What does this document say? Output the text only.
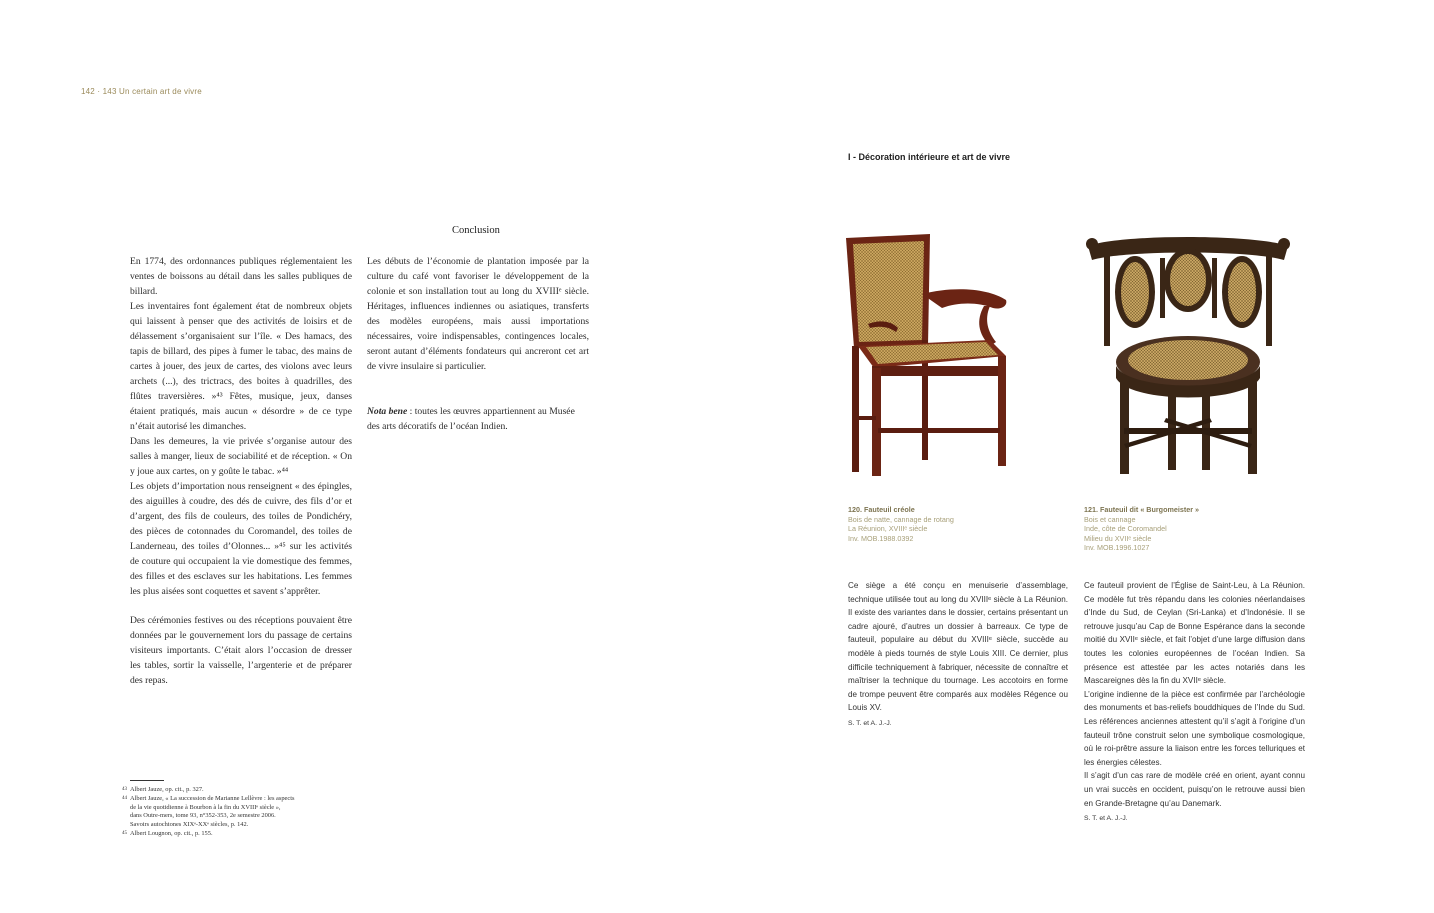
142 · 143 Un certain art de vivre
I - Décoration intérieure et art de vivre
Conclusion

En 1774, des ordonnances publiques réglementaient les ventes de boissons au détail dans les salles publiques de billard.

Les inventaires font également état de nombreux objets qui laissent à penser que des activités de loisirs et de délassement s’organisaient sur l’île. « Des hamacs, des tapis de billard, des pipes à fumer le tabac, des mains de cartes à jouer, des jeux de cartes, des violons avec leurs archets (...), des trictracs, des boites à quadrilles, des flûtes traversières. »⁴³ Fêtes, musique, jeux, danses étaient pratiqués, mais aucun « désordre » de ce type n’était autorisé les dimanches.

Dans les demeures, la vie privée s’organise autour des salles à manger, lieux de sociabilité et de réception. « On y joue aux cartes, on y goûte le tabac. »⁴⁴

Les objets d’importation nous renseignent « des épingles, des aiguilles à coudre, des dés de cuivre, des fils d’or et d’argent, des fils de couleurs, des toiles de Pondichéry, des pièces de cotonnades du Coromandel, des toiles de Landerneau, des toiles d’Olonnes... »⁴⁵ sur les activités de couture qui occupaient la vie domestique des femmes, des filles et des esclaves sur les habitations. Les femmes les plus aisées sont coquettes et savent s’apprêter.

Des cérémonies festives ou des réceptions pouvaient être données par le gouvernement lors du passage de certains visiteurs importants. C’était alors l’occasion de dresser les tables, sortir la vaisselle, l’argenterie et de préparer des repas.

Les débuts de l’économie de plantation imposée par la culture du café vont favoriser le développement de la colonie et son installation tout au long du XVIIIᵉ siècle. Héritages, influences indiennes ou asiatiques, transferts des modèles européens, mais aussi importations nécessaires, voire indispensables, contingences locales, seront autant d’éléments fondateurs qui ancreront cet art de vivre insulaire si particulier.

Nota bene : toutes les œuvres appartiennent au Musée des arts décoratifs de l’océan Indien.

43 Albert Jauze, op. cit., p. 327.
44 Albert Jauze, « La succession de Marianne Lellèvre : les aspects
de la vie quotidienne à Bourbon à la fin du XVIIIᵉ siècle »,
dans Outre-mers, tome 93, n°352-353, 2e semestre 2006.
Savoirs autochtones XIXᵉ-XXᵉ siècles, p. 142.
45 Albert Lougnon, op. cit., p. 155.
120. Fauteuil créole
Bois de natte, cannage de rotang
La Réunion, XVIIIᵉ siècle
Inv. MOB.1988.0392
121. Fauteuil dit « Burgomeister »
Bois et cannage
Inde, côte de Coromandel
Milieu du XVIIᵉ siècle
Inv. MOB.1996.1027

Ce siège a été conçu en menuiserie d’assemblage, technique utilisée tout au long du XVIIIᵉ siècle à La Réunion. Il existe des variantes dans le dossier, certains présentant un cadre ajouré, d’autres un dossier à barreaux. Ce type de fauteuil, populaire au début du XVIIIᵉ siècle, succède au modèle à pieds tournés de style Louis XIII. Ce dernier, plus difficile techniquement à fabriquer, nécessite de connaître et maîtriser la technique du tournage. Les accotoirs en forme de trompe peuvent être comparés aux modèles Régence ou Louis XV.

S. T. et A. J.-J.

Ce fauteuil provient de l’Église de Saint-Leu, à La Réunion. Ce modèle fut très répandu dans les colonies néerlandaises d’Inde du Sud, de Ceylan (Sri-Lanka) et d’Indonésie. Il se retrouve jusqu’au Cap de Bonne Espérance dans la seconde moitié du XVIIᵉ siècle, et fait l’objet d’une large diffusion dans toutes les colonies européennes de l’océan Indien. Sa présence est attestée par les actes notariés dans les Mascareignes dès la fin du XVIIᵉ siècle.

L’origine indienne de la pièce est confirmée par l’archéologie des monuments et bas-reliefs bouddhiques de l’Inde du Sud. Les références anciennes attestent qu’il s’agit à l’origine d’un fauteuil trône construit selon une symbolique cosmologique, où le roi-prêtre assure la liaison entre les forces telluriques et les énergies célestes.

Il s’agit d’un cas rare de modèle créé en orient, ayant connu un vrai succès en occident, puisqu’on le retrouve aussi bien en Grande-Bretagne qu’au Danemark.

S. T. et A. J.-J.
